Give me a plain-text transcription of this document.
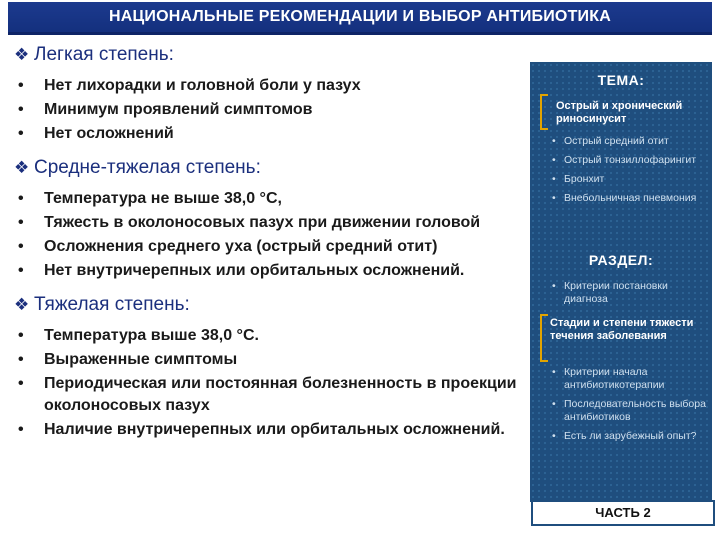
НАЦИОНАЛЬНЫЕ РЕКОМЕНДАЦИИ И ВЫБОР АНТИБИОТИКА
❖ Легкая степень:
• Нет лихорадки и головной боли у пазух
• Минимум проявлений симптомов
• Нет осложнений
❖ Средне-тяжелая степень:
• Температура не выше 38,0 °С,
• Тяжесть в околоносовых пазух при движении головой
• Осложнения среднего уха (острый средний отит)
• Нет внутричерепных или орбитальных осложнений.
❖ Тяжелая степень:
• Температура выше 38,0 °С.
• Выраженные симптомы
• Периодическая или постоянная болезненность в проекции околоносовых пазух
• Наличие внутричерепных или орбитальных осложнений.
ТЕМА:
Острый и хронический риносинусит
• Острый средний отит
• Острый тонзиллофарингит
• Бронхит
• Внебольничная пневмония
РАЗДЕЛ:
• Критерии постановки диагноза
Стадии и степени тяжести течения заболевания
• Критерии начала антибиотикотерапии
• Последовательность выбора антибиотиков
• Есть ли зарубежный опыт?
ЧАСТЬ 2
